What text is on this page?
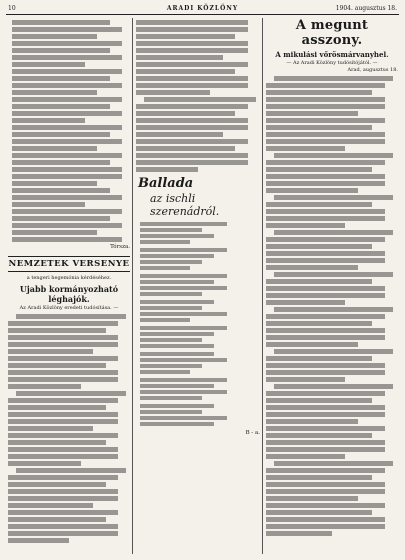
10	ARADI KÖZLÖNY	1904. augusztus 18.
Tórsza.
NEMZETEK VERSENYE
a tengeri hegemónia kérdéséhez.
Ujabb kormányozható léghajók.
Az Aradi Közlöny eredeti tudósítása. —
Ballada
az ischli szerenádról.
B - a.
A megunt asszony.
A mikulási vőrösmárvanyhel.
— Az Aradi Közlöny tudósítójától. —
Arad, augusztus 18.
